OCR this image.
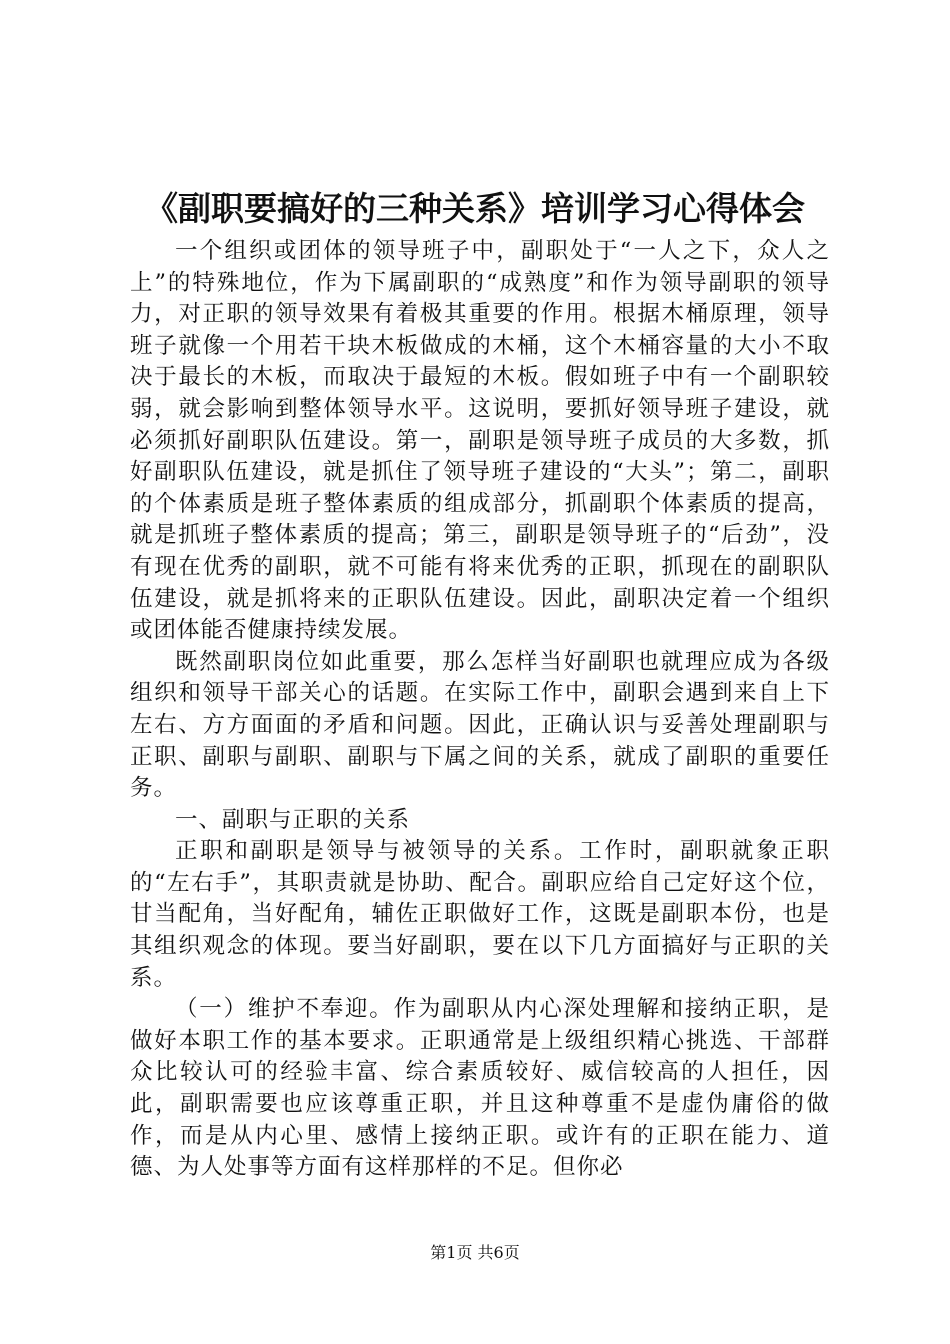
《副职要搞好的三种关系》培训学习心得体会

一个组织或团体的领导班子中，副职处于“一人之下，众人之上”的特殊地位，作为下属副职的“成熟度”和作为领导副职的领导力，对正职的领导效果有着极其重要的作用。根据木桶原理，领导班子就像一个用若干块木板做成的木桶，这个木桶容量的大小不取决于最长的木板，而取决于最短的木板。假如班子中有一个副职较弱，就会影响到整体领导水平。这说明，要抓好领导班子建设，就必须抓好副职队伍建设。第一，副职是领导班子成员的大多数，抓好副职队伍建设，就是抓住了领导班子建设的“大头”；第二，副职的个体素质是班子整体素质的组成部分，抓副职个体素质的提高，就是抓班子整体素质的提高；第三，副职是领导班子的“后劲”，没有现在优秀的副职，就不可能有将来优秀的正职，抓现在的副职队伍建设，就是抓将来的正职队伍建设。因此，副职决定着一个组织或团体能否健康持续发展。

既然副职岗位如此重要，那么怎样当好副职也就理应成为各级组织和领导干部关心的话题。在实际工作中，副职会遇到来自上下左右、方方面面的矛盾和问题。因此，正确认识与妥善处理副职与正职、副职与副职、副职与下属之间的关系，就成了副职的重要任务。

一、副职与正职的关系

正职和副职是领导与被领导的关系。工作时，副职就象正职的“左右手”，其职责就是协助、配合。副职应给自己定好这个位，甘当配角，当好配角，辅佐正职做好工作，这既是副职本份，也是其组织观念的体现。要当好副职，要在以下几方面搞好与正职的关系。

（一）维护不奉迎。作为副职从内心深处理解和接纳正职，是做好本职工作的基本要求。正职通常是上级组织精心挑选、干部群众比较认可的经验丰富、综合素质较好、威信较高的人担任，因此，副职需要也应该尊重正职，并且这种尊重不是虚伪庸俗的做作，而是从内心里、感情上接纳正职。或许有的正职在能力、道德、为人处事等方面有这样那样的不足。但你必

第1页 共6页
